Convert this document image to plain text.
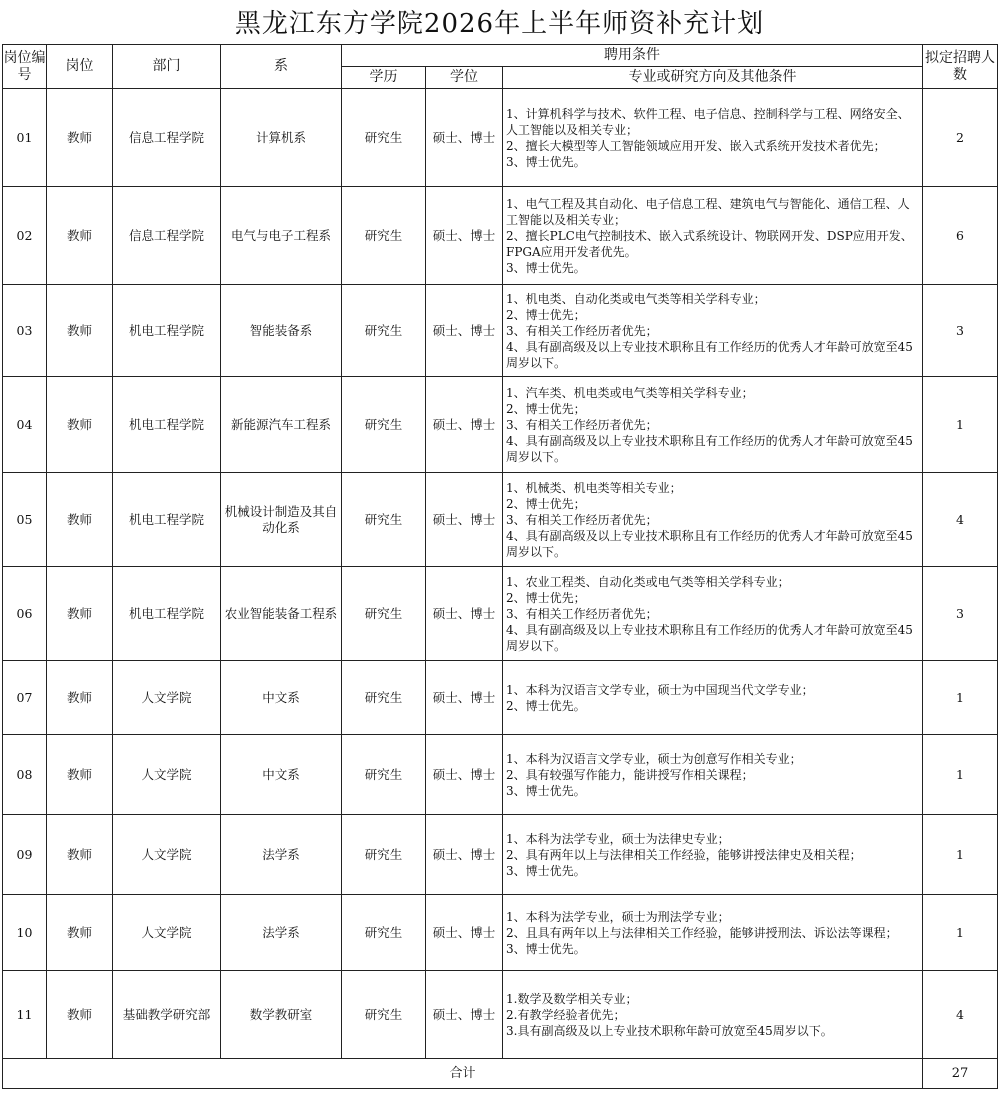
黑龙江东方学院2026年上半年师资补充计划
岗位编号	岗位	部门	系	聘用条件			拟定招聘人数
				学历	学位	专业或研究方向及其他条件	
01	教师	信息工程学院	计算机系	研究生	硕士、博士	1、计算机科学与技术、软件工程、电子信息、控制科学与工程、网络安全、人工智能以及相关专业；
2、擅长大模型等人工智能领域应用开发、嵌入式系统开发技术者优先；
3、博士优先。	2
02	教师	信息工程学院	电气与电子工程系	研究生	硕士、博士	1、电气工程及其自动化、电子信息工程、建筑电气与智能化、通信工程、人工智能以及相关专业；
2、擅长PLC电气控制技术、嵌入式系统设计、物联网开发、DSP应用开发、FPGA应用开发者优先。
3、博士优先。	6
03	教师	机电工程学院	智能装备系	研究生	硕士、博士	1、机电类、自动化类或电气类等相关学科专业；
2、博士优先；
3、有相关工作经历者优先；
4、具有副高级及以上专业技术职称且有工作经历的优秀人才年龄可放宽至45周岁以下。	3
04	教师	机电工程学院	新能源汽车工程系	研究生	硕士、博士	1、汽车类、机电类或电气类等相关学科专业；
2、博士优先；
3、有相关工作经历者优先；
4、具有副高级及以上专业技术职称且有工作经历的优秀人才年龄可放宽至45周岁以下。	1
05	教师	机电工程学院	机械设计制造及其自动化系	研究生	硕士、博士	1、机械类、机电类等相关专业；
2、博士优先；
3、有相关工作经历者优先；
4、具有副高级及以上专业技术职称且有工作经历的优秀人才年龄可放宽至45周岁以下。	4
06	教师	机电工程学院	农业智能装备工程系	研究生	硕士、博士	1、农业工程类、自动化类或电气类等相关学科专业；
2、博士优先；
3、有相关工作经历者优先；
4、具有副高级及以上专业技术职称且有工作经历的优秀人才年龄可放宽至45周岁以下。	3
07	教师	人文学院	中文系	研究生	硕士、博士	1、本科为汉语言文学专业，硕士为中国现当代文学专业；
2、博士优先。	1
08	教师	人文学院	中文系	研究生	硕士、博士	1、本科为汉语言文学专业，硕士为创意写作相关专业；
2、具有较强写作能力，能讲授写作相关课程；
3、博士优先。	1
09	教师	人文学院	法学系	研究生	硕士、博士	1、本科为法学专业，硕士为法律史专业；
2、具有两年以上与法律相关工作经验，能够讲授法律史及相关程；
3、博士优先。	1
10	教师	人文学院	法学系	研究生	硕士、博士	1、本科为法学专业，硕士为刑法学专业；
2、且具有两年以上与法律相关工作经验，能够讲授刑法、诉讼法等课程；
3、博士优先。	1
11	教师	基础教学研究部	数学教研室	研究生	硕士、博士	1.数学及数学相关专业；
2.有教学经验者优先；
3.具有副高级及以上专业技术职称年龄可放宽至45周岁以下。	4
合计							27
